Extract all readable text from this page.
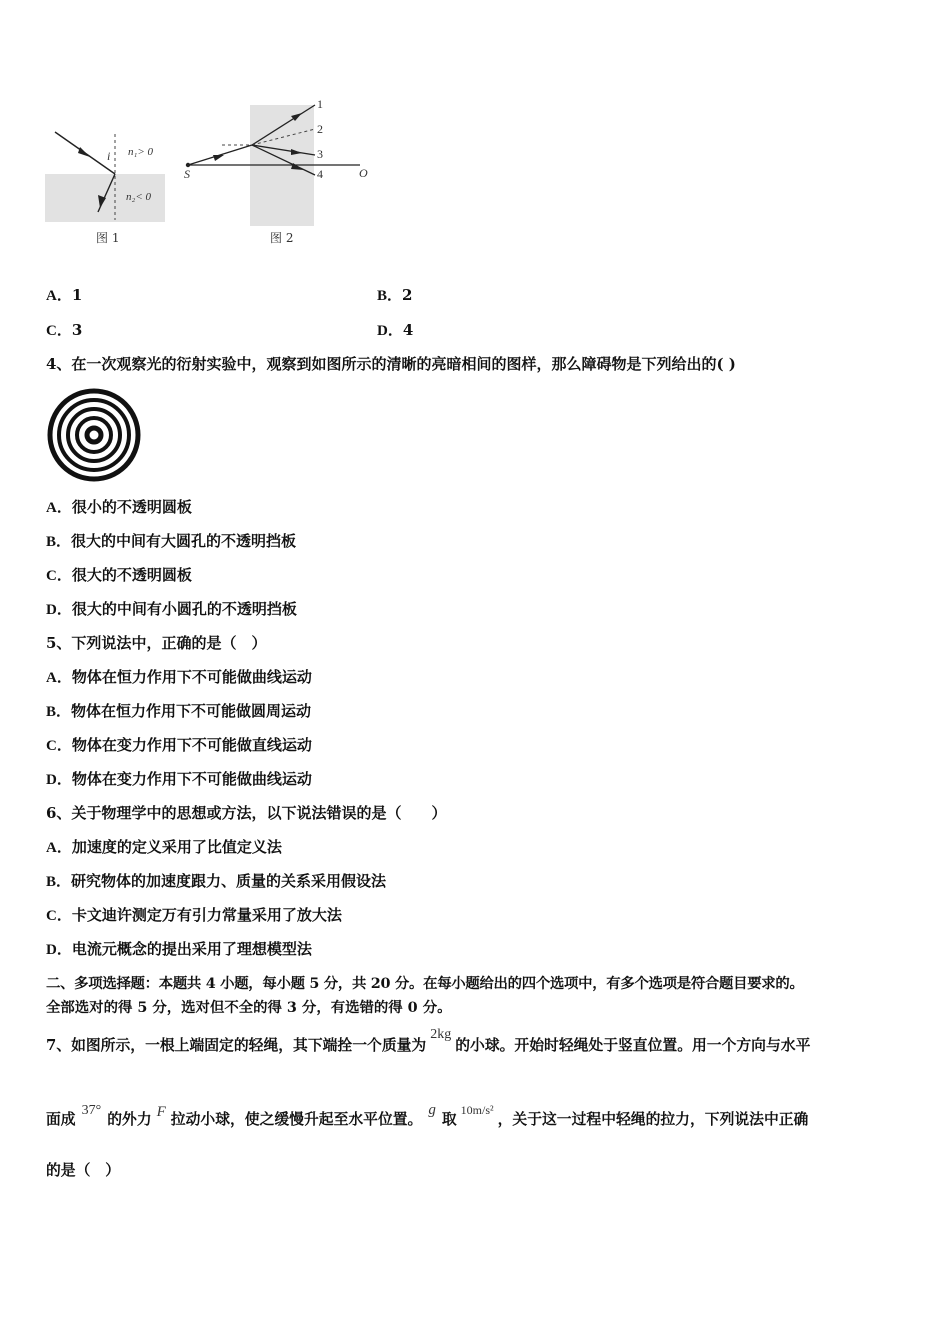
i n₁> 0
n₂< 0
图 1
1
2
3
4
S	O
图 2
A．1	B．2
C．3	D．4
4、在一次观察光的衍射实验中，观察到如图所示的清晰的亮暗相间的图样，那么障碍物是下列给出的( )
A．很小的不透明圆板
B．很大的中间有大圆孔的不透明挡板
C．很大的不透明圆板
D．很大的中间有小圆孔的不透明挡板
5、下列说法中，正确的是（　）
A．物体在恒力作用下不可能做曲线运动
B．物体在恒力作用下不可能做圆周运动
C．物体在变力作用下不可能做直线运动
D．物体在变力作用下不可能做曲线运动
6、关于物理学中的思想或方法，以下说法错误的是（　　）
A．加速度的定义采用了比值定义法
B．研究物体的加速度跟力、质量的关系采用假设法
C．卡文迪许测定万有引力常量采用了放大法
D．电流元概念的提出采用了理想模型法
二、多项选择题：本题共 4 小题，每小题 5 分，共 20 分。在每小题给出的四个选项中，有多个选项是符合题目要求的。
全部选对的得 5 分，选对但不全的得 3 分，有选错的得 0 分。
7、如图所示，一根上端固定的轻绳，其下端拴一个质量为2kg的小球。开始时轻绳处于竖直位置。用一个方向与水平
面成37°的外力 F 拉动小球，使之缓慢升起至水平位置。g取$^{10m/s^2}$，关于这一过程中轻绳的拉力，下列说法中正确
的是（　）
